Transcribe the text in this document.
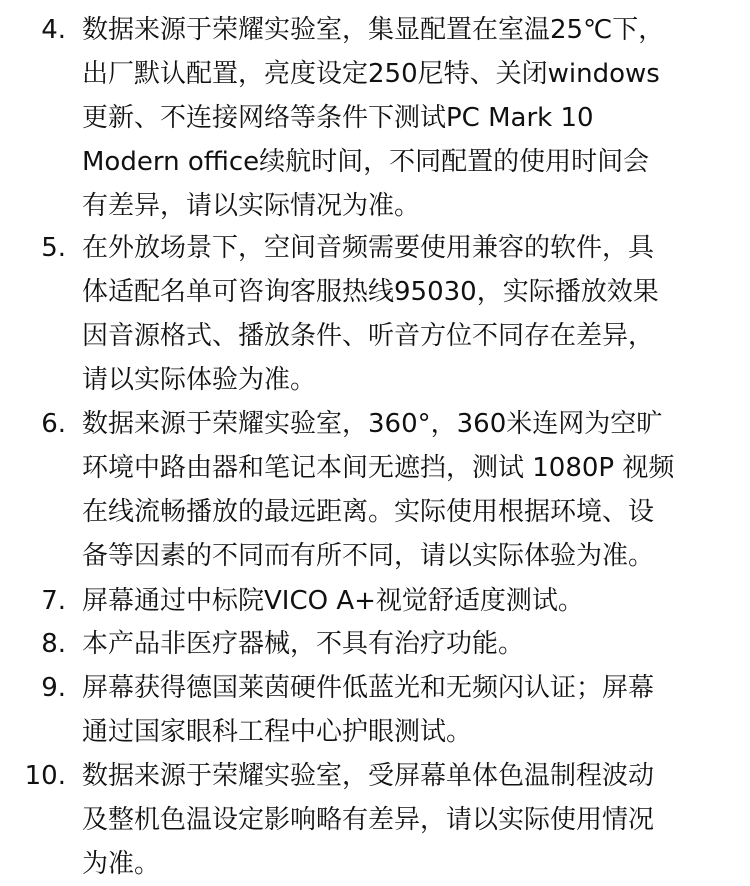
4. 数据来源于荣耀实验室，集显配置在室温25℃下，
出厂默认配置，亮度设定250尼特、关闭windows
更新、不连接网络等条件下测试PC Mark 10
Modern office续航时间，不同配置的使用时间会
有差异，请以实际情况为准。
5. 在外放场景下，空间音频需要使用兼容的软件，具
体适配名单可咨询客服热线95030，实际播放效果
因音源格式、播放条件、听音方位不同存在差异，
请以实际体验为准。
6. 数据来源于荣耀实验室，360°，360米连网为空旷
环境中路由器和笔记本间无遮挡，测试 1080P 视频
在线流畅播放的最远距离。实际使用根据环境、设
备等因素的不同而有所不同，请以实际体验为准。
7. 屏幕通过中标院VICO A+视觉舒适度测试。
8. 本产品非医疗器械，不具有治疗功能。
9. 屏幕获得德国莱茵硬件低蓝光和无频闪认证；屏幕
通过国家眼科工程中心护眼测试。
10. 数据来源于荣耀实验室，受屏幕单体色温制程波动
及整机色温设定影响略有差异，请以实际使用情况
为准。
